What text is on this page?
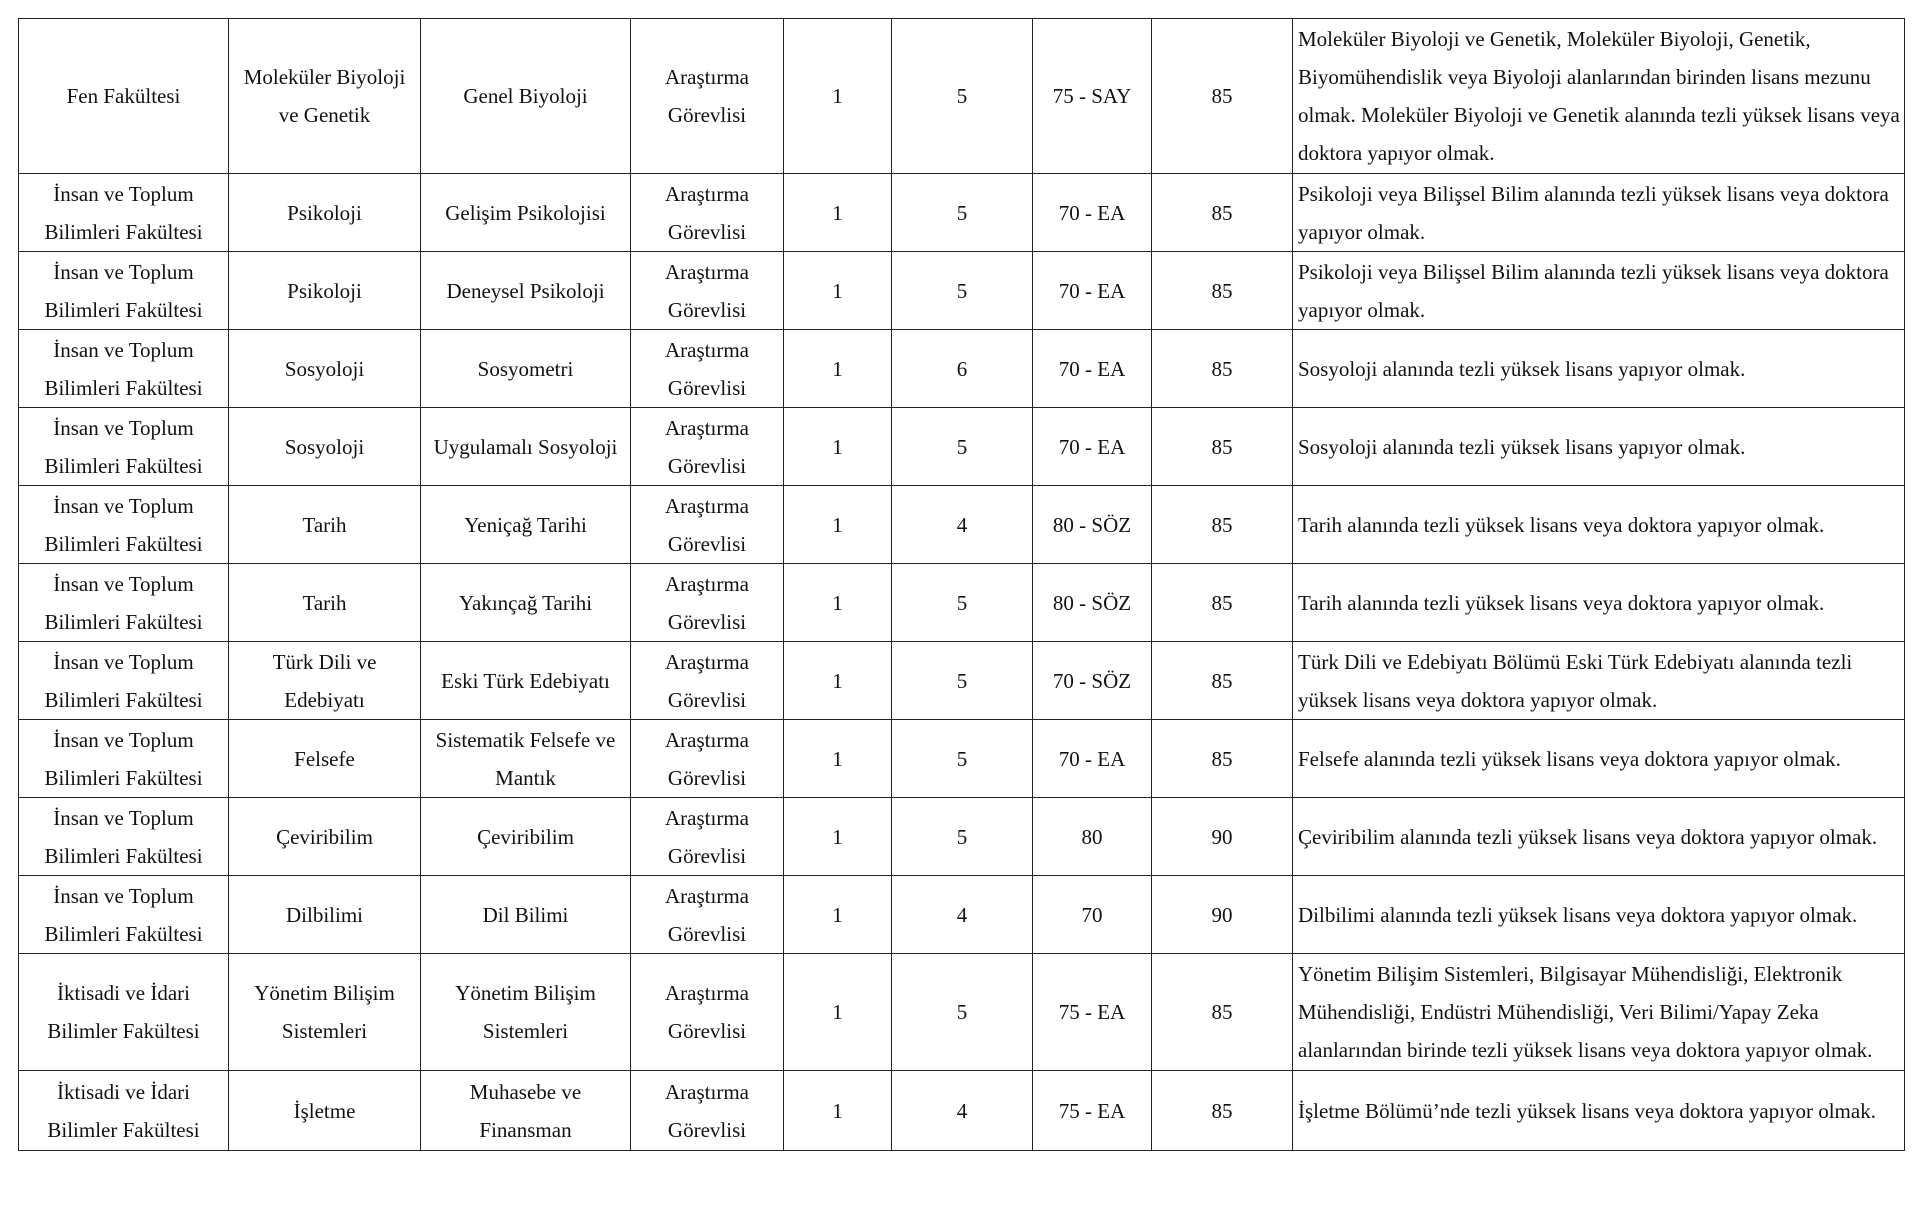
Fen Fakültesi	Moleküler Biyoloji ve Genetik	Genel Biyoloji	Araştırma Görevlisi	1	5	75 - SAY	85	Moleküler Biyoloji ve Genetik, Moleküler Biyoloji, Genetik, Biyomühendislik veya Biyoloji alanlarından birinden lisans mezunu olmak. Moleküler Biyoloji ve Genetik alanında tezli yüksek lisans veya doktora yapıyor olmak.
İnsan ve Toplum Bilimleri Fakültesi	Psikoloji	Gelişim Psikolojisi	Araştırma Görevlisi	1	5	70 - EA	85	Psikoloji veya Bilişsel Bilim alanında tezli yüksek lisans veya doktora yapıyor olmak.
İnsan ve Toplum Bilimleri Fakültesi	Psikoloji	Deneysel Psikoloji	Araştırma Görevlisi	1	5	70 - EA	85	Psikoloji veya Bilişsel Bilim alanında tezli yüksek lisans veya doktora yapıyor olmak.
İnsan ve Toplum Bilimleri Fakültesi	Sosyoloji	Sosyometri	Araştırma Görevlisi	1	6	70 - EA	85	Sosyoloji alanında tezli yüksek lisans yapıyor olmak.
İnsan ve Toplum Bilimleri Fakültesi	Sosyoloji	Uygulamalı Sosyoloji	Araştırma Görevlisi	1	5	70 - EA	85	Sosyoloji alanında tezli yüksek lisans yapıyor olmak.
İnsan ve Toplum Bilimleri Fakültesi	Tarih	Yeniçağ Tarihi	Araştırma Görevlisi	1	4	80 - SÖZ	85	Tarih alanında tezli yüksek lisans veya doktora yapıyor olmak.
İnsan ve Toplum Bilimleri Fakültesi	Tarih	Yakınçağ Tarihi	Araştırma Görevlisi	1	5	80 - SÖZ	85	Tarih alanında tezli yüksek lisans veya doktora yapıyor olmak.
İnsan ve Toplum Bilimleri Fakültesi	Türk Dili ve Edebiyatı	Eski Türk Edebiyatı	Araştırma Görevlisi	1	5	70 - SÖZ	85	Türk Dili ve Edebiyatı Bölümü Eski Türk Edebiyatı alanında tezli yüksek lisans veya doktora yapıyor olmak.
İnsan ve Toplum Bilimleri Fakültesi	Felsefe	Sistematik Felsefe ve Mantık	Araştırma Görevlisi	1	5	70 - EA	85	Felsefe alanında tezli yüksek lisans veya doktora yapıyor olmak.
İnsan ve Toplum Bilimleri Fakültesi	Çeviribilim	Çeviribilim	Araştırma Görevlisi	1	5	80	90	Çeviribilim alanında tezli yüksek lisans veya doktora yapıyor olmak.
İnsan ve Toplum Bilimleri Fakültesi	Dilbilimi	Dil Bilimi	Araştırma Görevlisi	1	4	70	90	Dilbilimi alanında tezli yüksek lisans veya doktora yapıyor olmak.
İktisadi ve İdari Bilimler Fakültesi	Yönetim Bilişim Sistemleri	Yönetim Bilişim Sistemleri	Araştırma Görevlisi	1	5	75 - EA	85	Yönetim Bilişim Sistemleri, Bilgisayar Mühendisliği, Elektronik Mühendisliği, Endüstri Mühendisliği, Veri Bilimi/Yapay Zeka alanlarından birinde tezli yüksek lisans veya doktora yapıyor olmak.
İktisadi ve İdari Bilimler Fakültesi	İşletme	Muhasebe ve Finansman	Araştırma Görevlisi	1	4	75 - EA	85	İşletme Bölümü’nde tezli yüksek lisans veya doktora yapıyor olmak.
